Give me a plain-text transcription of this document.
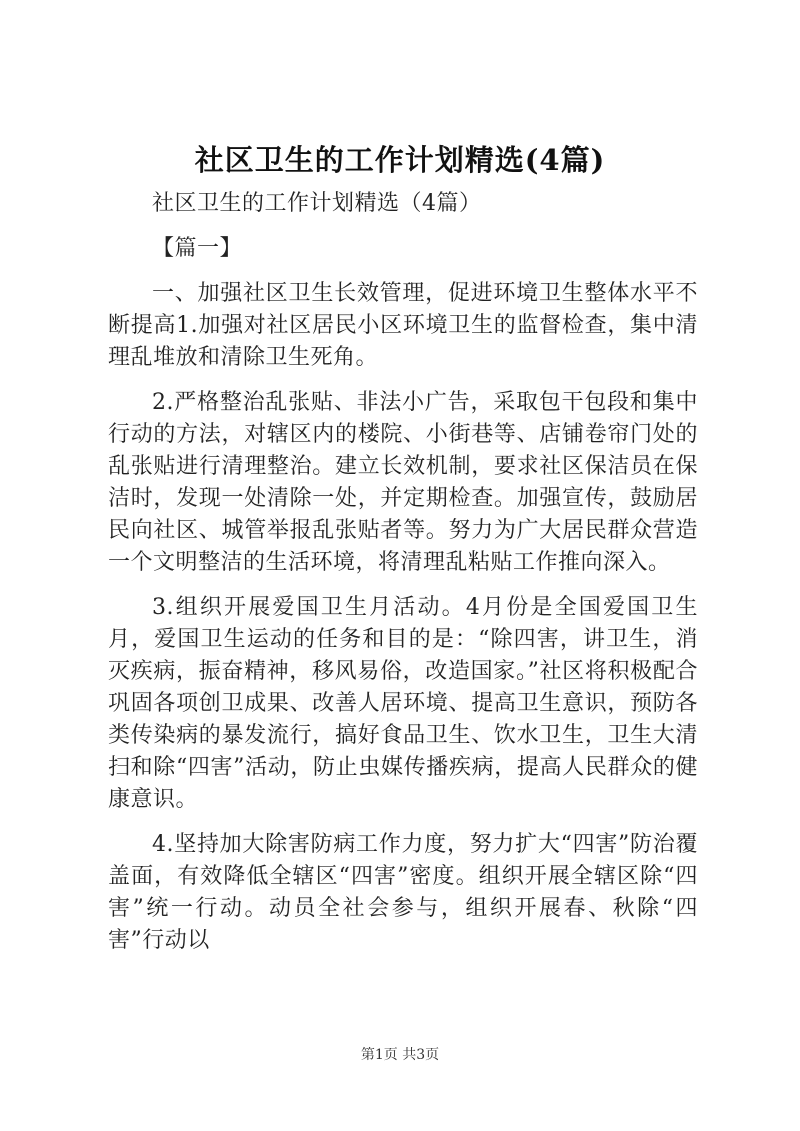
社区卫生的工作计划精选(4篇)

社区卫生的工作计划精选（4篇）

【篇一】

一、加强社区卫生长效管理，促进环境卫生整体水平不断提高1.加强对社区居民小区环境卫生的监督检查，集中清理乱堆放和清除卫生死角。

2.严格整治乱张贴、非法小广告，采取包干包段和集中行动的方法，对辖区内的楼院、小街巷等、店铺卷帘门处的乱张贴进行清理整治。建立长效机制，要求社区保洁员在保洁时，发现一处清除一处，并定期检查。加强宣传，鼓励居民向社区、城管举报乱张贴者等。努力为广大居民群众营造一个文明整洁的生活环境，将清理乱粘贴工作推向深入。

3.组织开展爱国卫生月活动。4月份是全国爱国卫生月，爱国卫生运动的任务和目的是：“除四害，讲卫生，消灭疾病，振奋精神，移风易俗，改造国家。”社区将积极配合巩固各项创卫成果、改善人居环境、提高卫生意识，预防各类传染病的暴发流行，搞好食品卫生、饮水卫生，卫生大清扫和除“四害”活动，防止虫媒传播疾病，提高人民群众的健康意识。

4.坚持加大除害防病工作力度，努力扩大“四害”防治覆盖面，有效降低全辖区“四害”密度。组织开展全辖区除“四害”统一行动。动员全社会参与，组织开展春、秋除“四害”行动以

第1页 共3页
